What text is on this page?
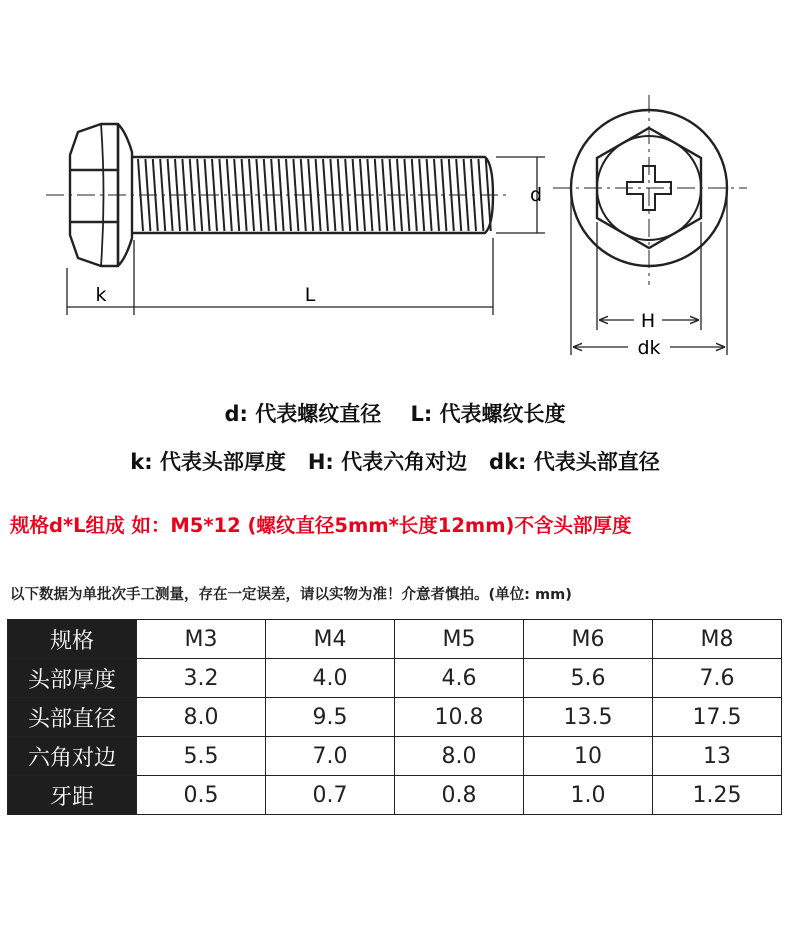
k	L
d
H
dk
d: 代表螺纹直径    L: 代表螺纹长度
k: 代表头部厚度   H: 代表六角对边   dk: 代表头部直径
规格d*L组成 如：M5*12 (螺纹直径5mm*长度12mm)不含头部厚度
以下数据为单批次手工测量，存在一定误差，请以实物为准！介意者慎拍。(单位: mm)
规格	M3	M4	M5	M6	M8
头部厚度	3.2	4.0	4.6	5.6	7.6
头部直径	8.0	9.5	10.8	13.5	17.5
六角对边	5.5	7.0	8.0	10	13
牙距	0.5	0.7	0.8	1.0	1.25
